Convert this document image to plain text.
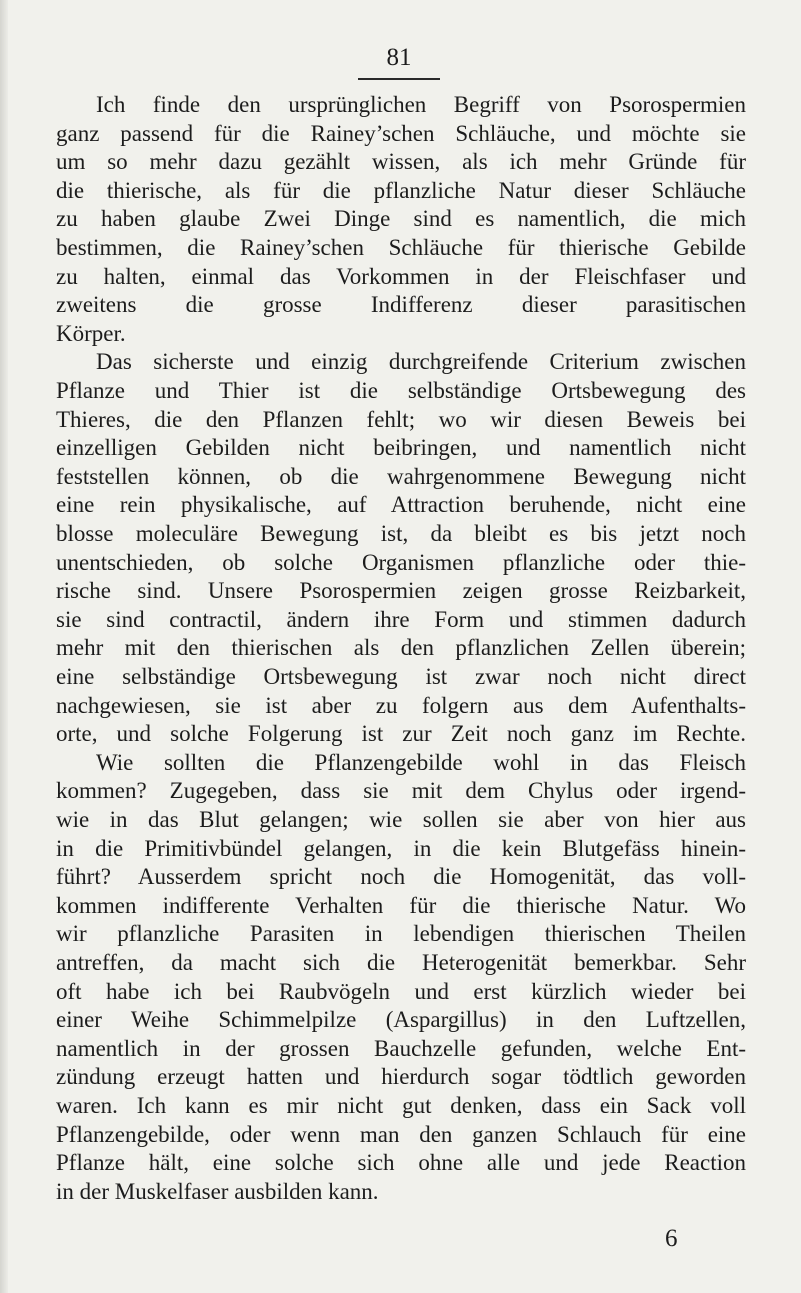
81
Ich finde den ursprünglichen Begriff von Psorospermien
ganz passend für die Rainey’schen Schläuche, und möchte sie
um so mehr dazu gezählt wissen, als ich mehr Gründe für
die thierische, als für die pflanzliche Natur dieser Schläuche
zu haben glaube Zwei Dinge sind es namentlich, die mich
bestimmen, die Rainey’schen Schläuche für thierische Gebilde
zu halten, einmal das Vorkommen in der Fleischfaser und
zweitens die grosse Indifferenz dieser parasitischen
Körper.
Das sicherste und einzig durchgreifende Criterium zwischen
Pflanze und Thier ist die selbständige Ortsbewegung des
Thieres, die den Pflanzen fehlt; wo wir diesen Beweis bei
einzelligen Gebilden nicht beibringen, und namentlich nicht
feststellen können, ob die wahrgenommene Bewegung nicht
eine rein physikalische, auf Attraction beruhende, nicht eine
blosse moleculäre Bewegung ist, da bleibt es bis jetzt noch
unentschieden, ob solche Organismen pflanzliche oder thie-
rische sind. Unsere Psorospermien zeigen grosse Reizbarkeit,
sie sind contractil, ändern ihre Form und stimmen dadurch
mehr mit den thierischen als den pflanzlichen Zellen überein;
eine selbständige Ortsbewegung ist zwar noch nicht direct
nachgewiesen, sie ist aber zu folgern aus dem Aufenthalts-
orte, und solche Folgerung ist zur Zeit noch ganz im Rechte.
Wie sollten die Pflanzengebilde wohl in das Fleisch
kommen? Zugegeben, dass sie mit dem Chylus oder irgend-
wie in das Blut gelangen; wie sollen sie aber von hier aus
in die Primitivbündel gelangen, in die kein Blutgefäss hinein-
führt? Ausserdem spricht noch die Homogenität, das voll-
kommen indifferente Verhalten für die thierische Natur. Wo
wir pflanzliche Parasiten in lebendigen thierischen Theilen
antreffen, da macht sich die Heterogenität bemerkbar. Sehr
oft habe ich bei Raubvögeln und erst kürzlich wieder bei
einer Weihe Schimmelpilze (Aspargillus) in den Luftzellen,
namentlich in der grossen Bauchzelle gefunden, welche Ent-
zündung erzeugt hatten und hierdurch sogar tödtlich geworden
waren. Ich kann es mir nicht gut denken, dass ein Sack voll
Pflanzengebilde, oder wenn man den ganzen Schlauch für eine
Pflanze hält, eine solche sich ohne alle und jede Reaction
in der Muskelfaser ausbilden kann.
6
